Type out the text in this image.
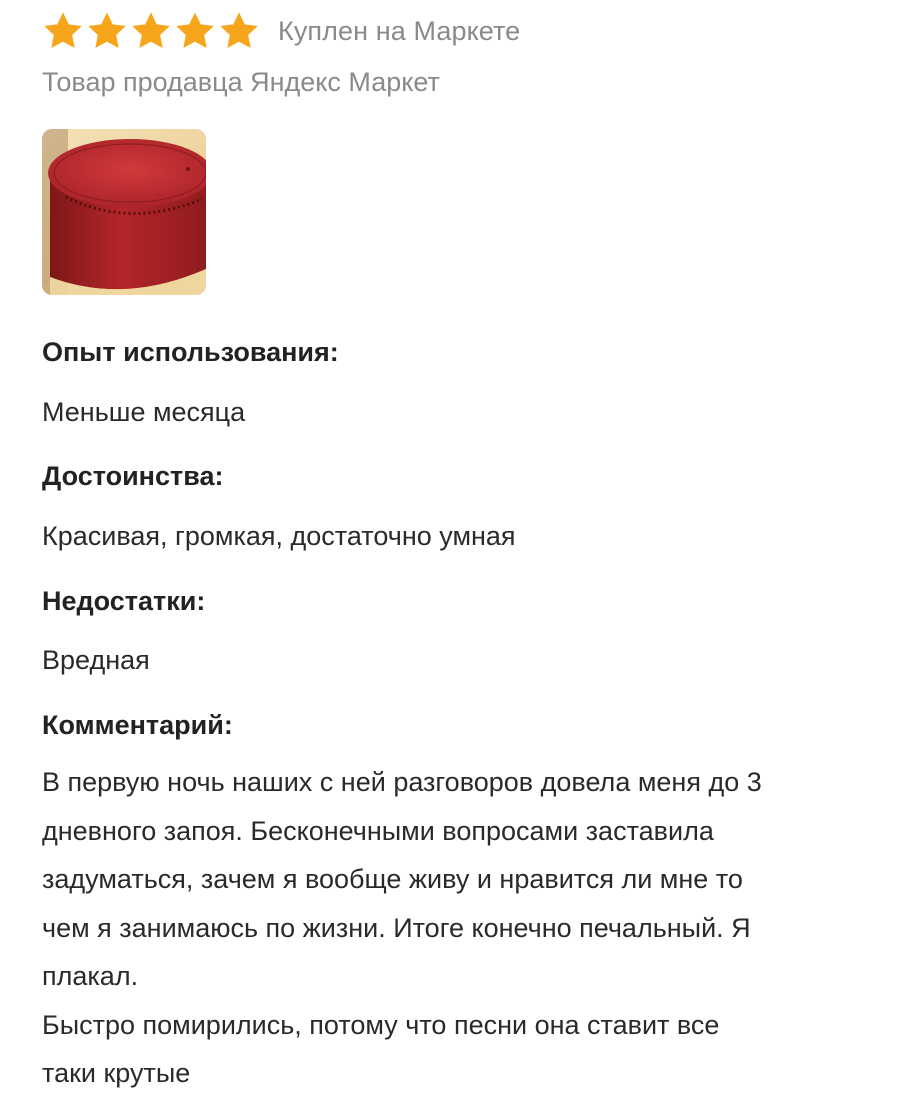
Куплен на Маркете
Товар продавца Яндекс Маркет
Опыт использования:
Меньше месяца
Достоинства:
Красивая, громкая, достаточно умная
Недостатки:
Вредная
Комментарий:
В первую ночь наших с ней разговоров довела меня до 3
дневного запоя. Бесконечными вопросами заставила
задуматься, зачем я вообще живу и нравится ли мне то
чем я занимаюсь по жизни. Итоге конечно печальный. Я
плакал.
Быстро помирились, потому что песни она ставит все
таки крутые
